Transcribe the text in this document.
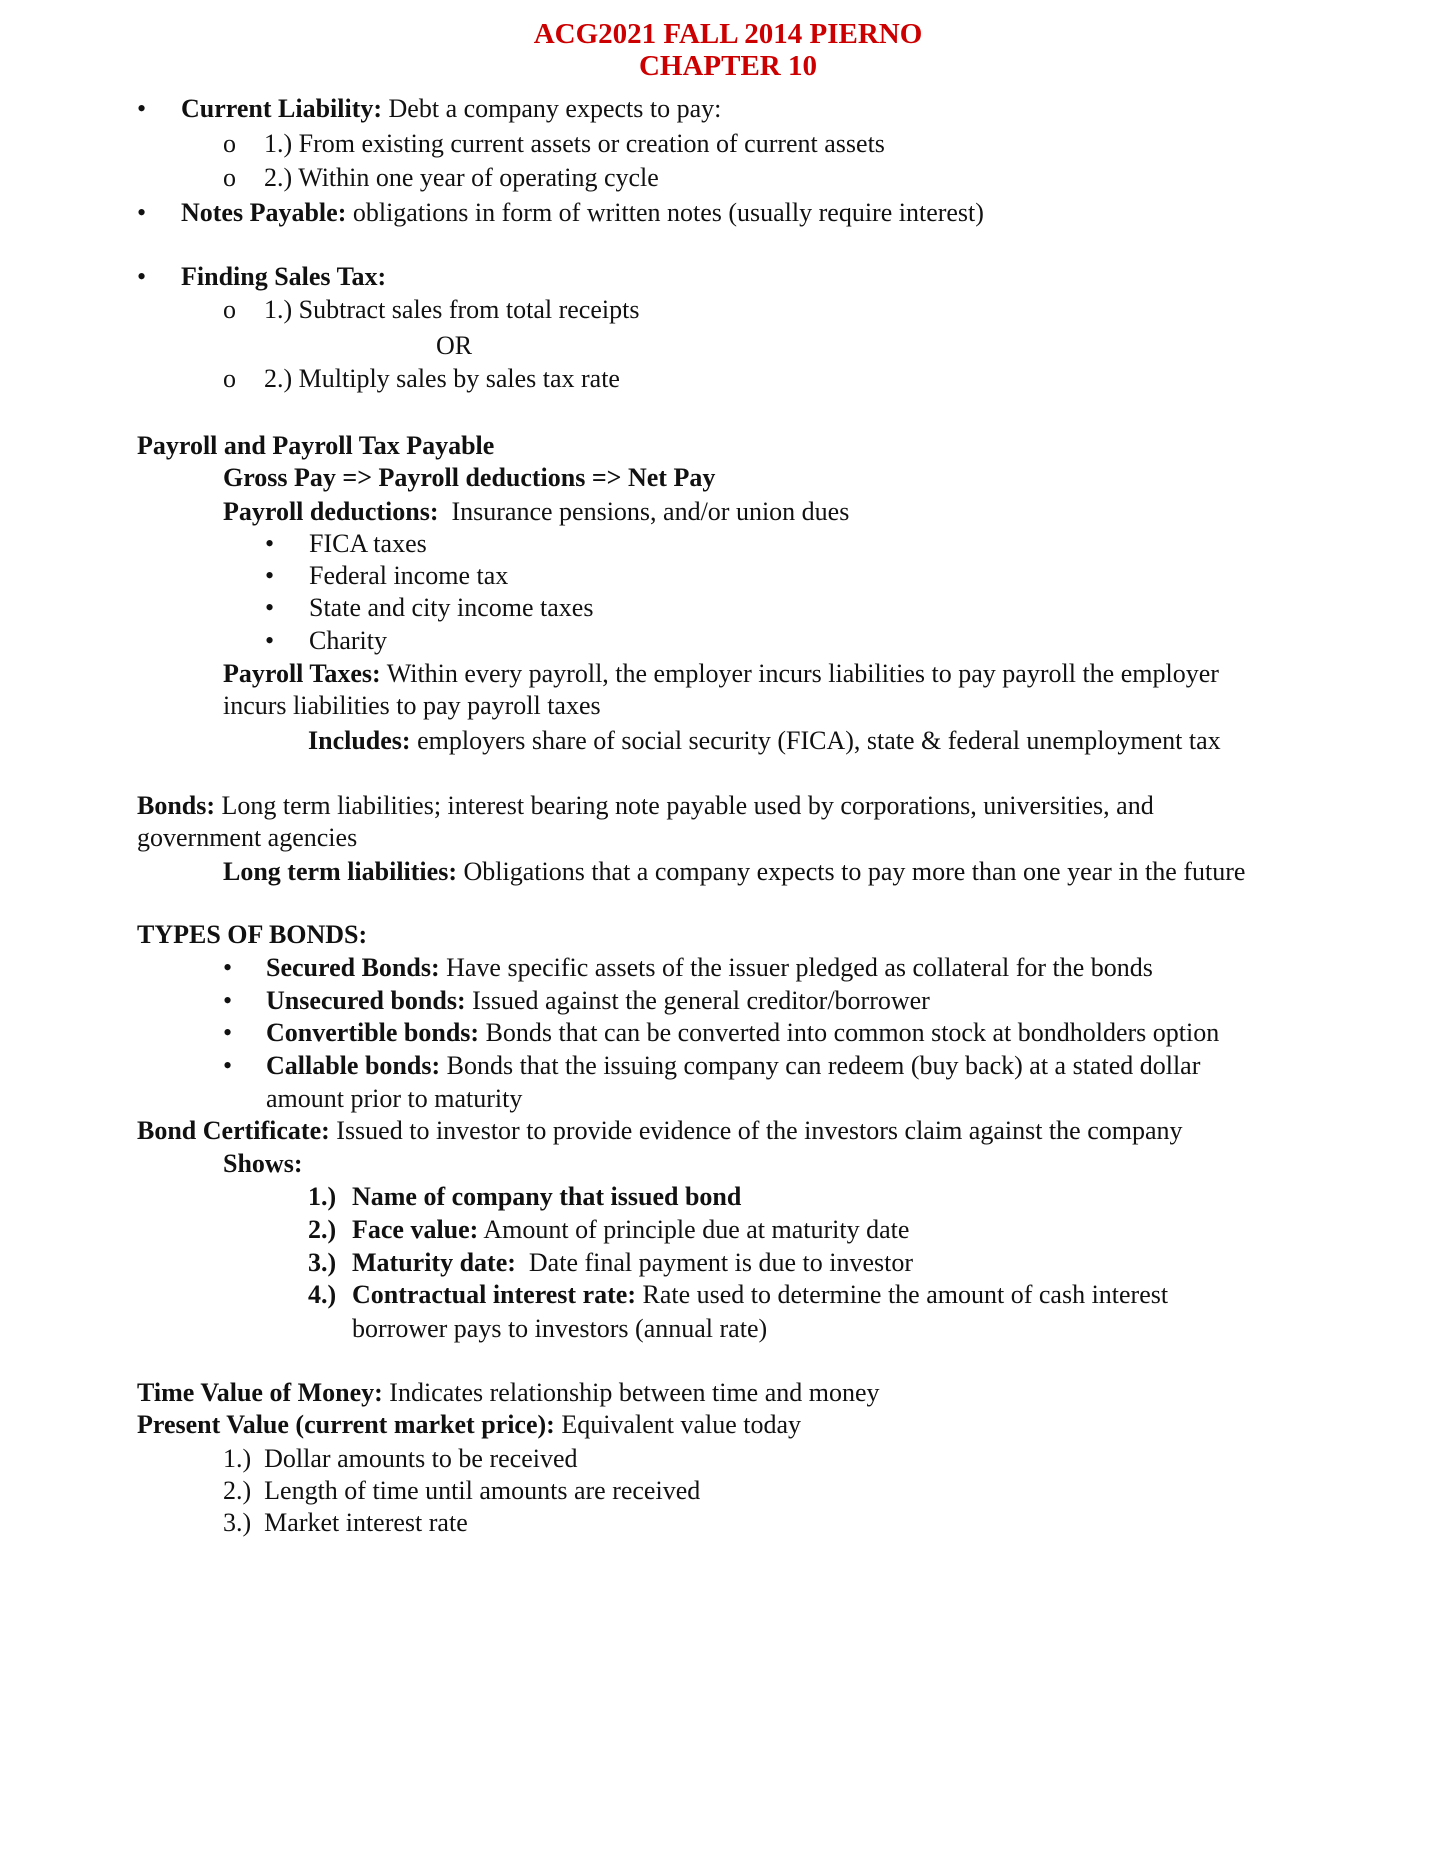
ACG2021 FALL 2014 PIERNO
CHAPTER 10
• Current Liability: Debt a company expects to pay:
o 1.) From existing current assets or creation of current assets
o 2.) Within one year of operating cycle
• Notes Payable: obligations in form of written notes (usually require interest)
• Finding Sales Tax:
o 1.) Subtract sales from total receipts
OR
o 2.) Multiply sales by sales tax rate
Payroll and Payroll Tax Payable
Gross Pay => Payroll deductions => Net Pay
Payroll deductions:  Insurance pensions, and/or union dues
• FICA taxes
• Federal income tax
• State and city income taxes
• Charity
Payroll Taxes: Within every payroll, the employer incurs liabilities to pay payroll the employer
incurs liabilities to pay payroll taxes
Includes: employers share of social security (FICA), state & federal unemployment tax
Bonds: Long term liabilities; interest bearing note payable used by corporations, universities, and
government agencies
Long term liabilities: Obligations that a company expects to pay more than one year in the future
TYPES OF BONDS:
• Secured Bonds: Have specific assets of the issuer pledged as collateral for the bonds
• Unsecured bonds: Issued against the general creditor/borrower
• Convertible bonds: Bonds that can be converted into common stock at bondholders option
• Callable bonds: Bonds that the issuing company can redeem (buy back) at a stated dollar
amount prior to maturity
Bond Certificate: Issued to investor to provide evidence of the investors claim against the company
Shows:
1.) Name of company that issued bond
2.) Face value: Amount of principle due at maturity date
3.) Maturity date:  Date final payment is due to investor
4.) Contractual interest rate: Rate used to determine the amount of cash interest
borrower pays to investors (annual rate)
Time Value of Money: Indicates relationship between time and money
Present Value (current market price): Equivalent value today
1.)  Dollar amounts to be received
2.)  Length of time until amounts are received
3.)  Market interest rate
